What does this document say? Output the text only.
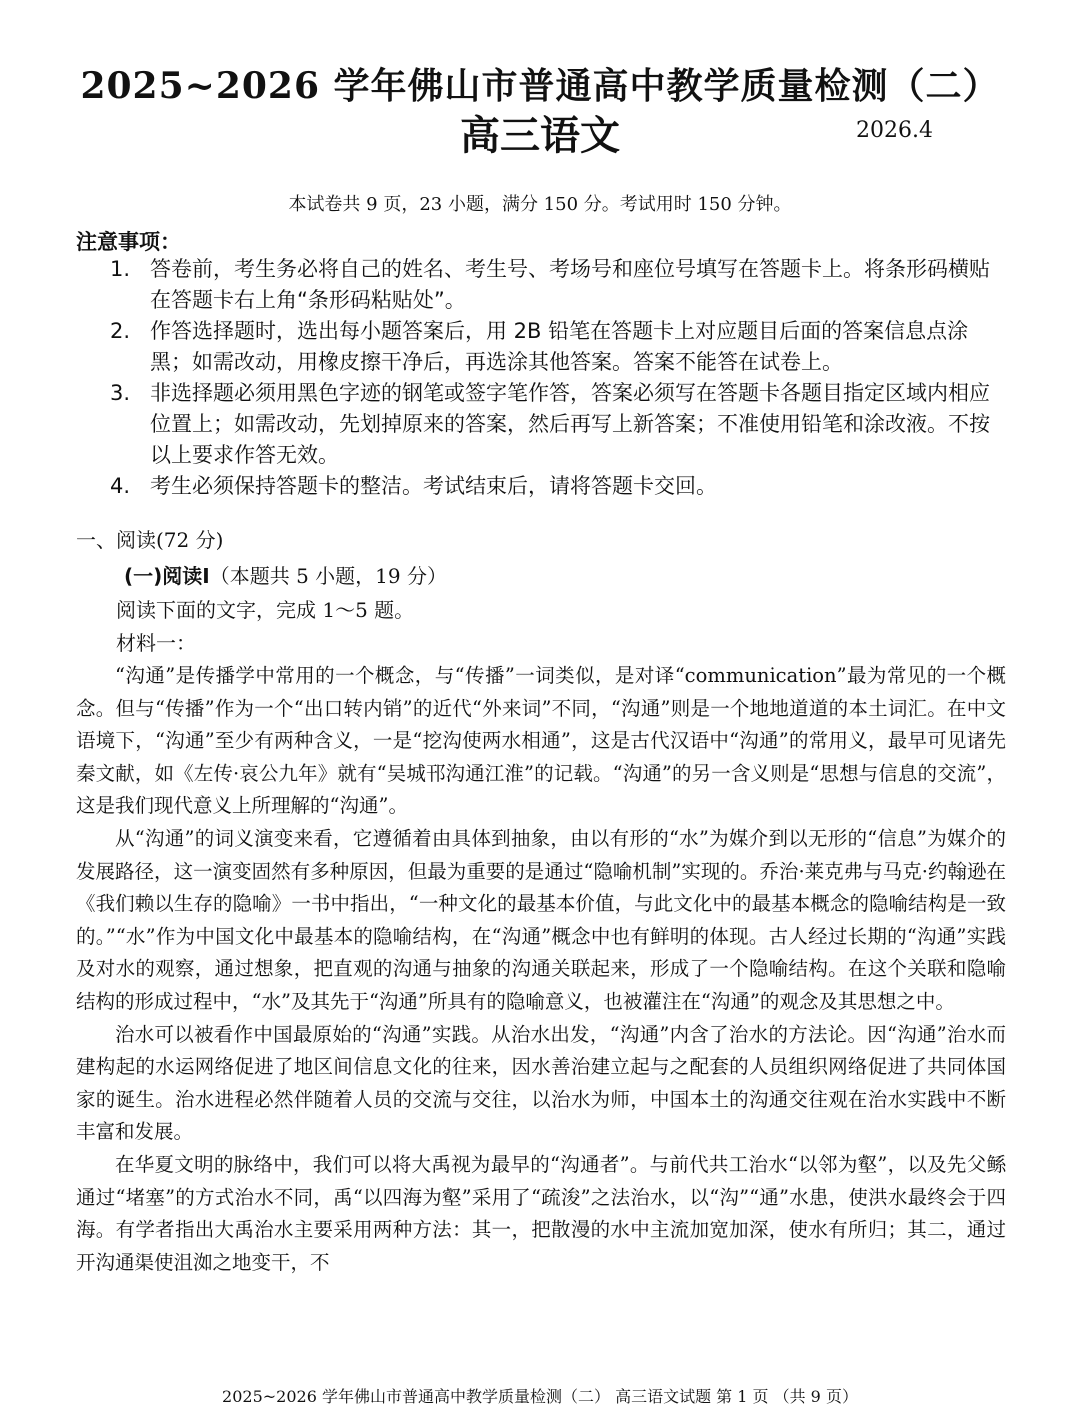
2025~2026 学年佛山市普通高中教学质量检测（二）
高三语文	2026.4
本试卷共 9 页，23 小题，满分 150 分。考试用时 150 分钟。
注意事项：
1. 答卷前，考生务必将自己的姓名、考生号、考场号和座位号填写在答题卡上。将条形码横贴在答题卡右上角“条形码粘贴处”。
2. 作答选择题时，选出每小题答案后，用 2B 铅笔在答题卡上对应题目后面的答案信息点涂黑；如需改动，用橡皮擦干净后，再选涂其他答案。答案不能答在试卷上。
3. 非选择题必须用黑色字迹的钢笔或签字笔作答，答案必须写在答题卡各题目指定区域内相应位置上；如需改动，先划掉原来的答案，然后再写上新答案；不准使用铅笔和涂改液。不按以上要求作答无效。
4. 考生必须保持答题卡的整洁。考试结束后，请将答题卡交回。
一、阅读(72 分)
(一)阅读Ⅰ（本题共 5 小题，19 分）
阅读下面的文字，完成 1～5 题。
材料一：

“沟通”是传播学中常用的一个概念，与“传播”一词类似，是对译“communication”最为常见的一个概念。但与“传播”作为一个“出口转内销”的近代“外来词”不同，“沟通”则是一个地地道道的本土词汇。在中文语境下，“沟通”至少有两种含义，一是“挖沟使两水相通”，这是古代汉语中“沟通”的常用义，最早可见诸先秦文献，如《左传·哀公九年》就有“吴城邗沟通江淮”的记载。“沟通”的另一含义则是“思想与信息的交流”，这是我们现代意义上所理解的“沟通”。

从“沟通”的词义演变来看，它遵循着由具体到抽象，由以有形的“水”为媒介到以无形的“信息”为媒介的发展路径，这一演变固然有多种原因，但最为重要的是通过“隐喻机制”实现的。乔治·莱克弗与马克·约翰逊在《我们赖以生存的隐喻》一书中指出，“一种文化的最基本价值，与此文化中的最基本概念的隐喻结构是一致的。”“水”作为中国文化中最基本的隐喻结构，在“沟通”概念中也有鲜明的体现。古人经过长期的“沟通”实践及对水的观察，通过想象，把直观的沟通与抽象的沟通关联起来，形成了一个隐喻结构。在这个关联和隐喻结构的形成过程中，“水”及其先于“沟通”所具有的隐喻意义，也被灌注在“沟通”的观念及其思想之中。

治水可以被看作中国最原始的“沟通”实践。从治水出发，“沟通”内含了治水的方法论。因“沟通”治水而建构起的水运网络促进了地区间信息文化的往来，因水善治建立起与之配套的人员组织网络促进了共同体国家的诞生。治水进程必然伴随着人员的交流与交往，以治水为师，中国本土的沟通交往观在治水实践中不断丰富和发展。

在华夏文明的脉络中，我们可以将大禹视为最早的“沟通者”。与前代共工治水“以邻为壑”，以及先父鲧通过“堵塞”的方式治水不同，禹“以四海为壑”采用了“疏浚”之法治水，以“沟”“通”水患，使洪水最终会于四海。有学者指出大禹治水主要采用两种方法：其一，把散漫的水中主流加宽加深，使水有所归；其二，通过开沟通渠使沮洳之地变干，不

2025~2026 学年佛山市普通高中教学质量检测（二） 高三语文试题 第 1 页 （共 9 页）
